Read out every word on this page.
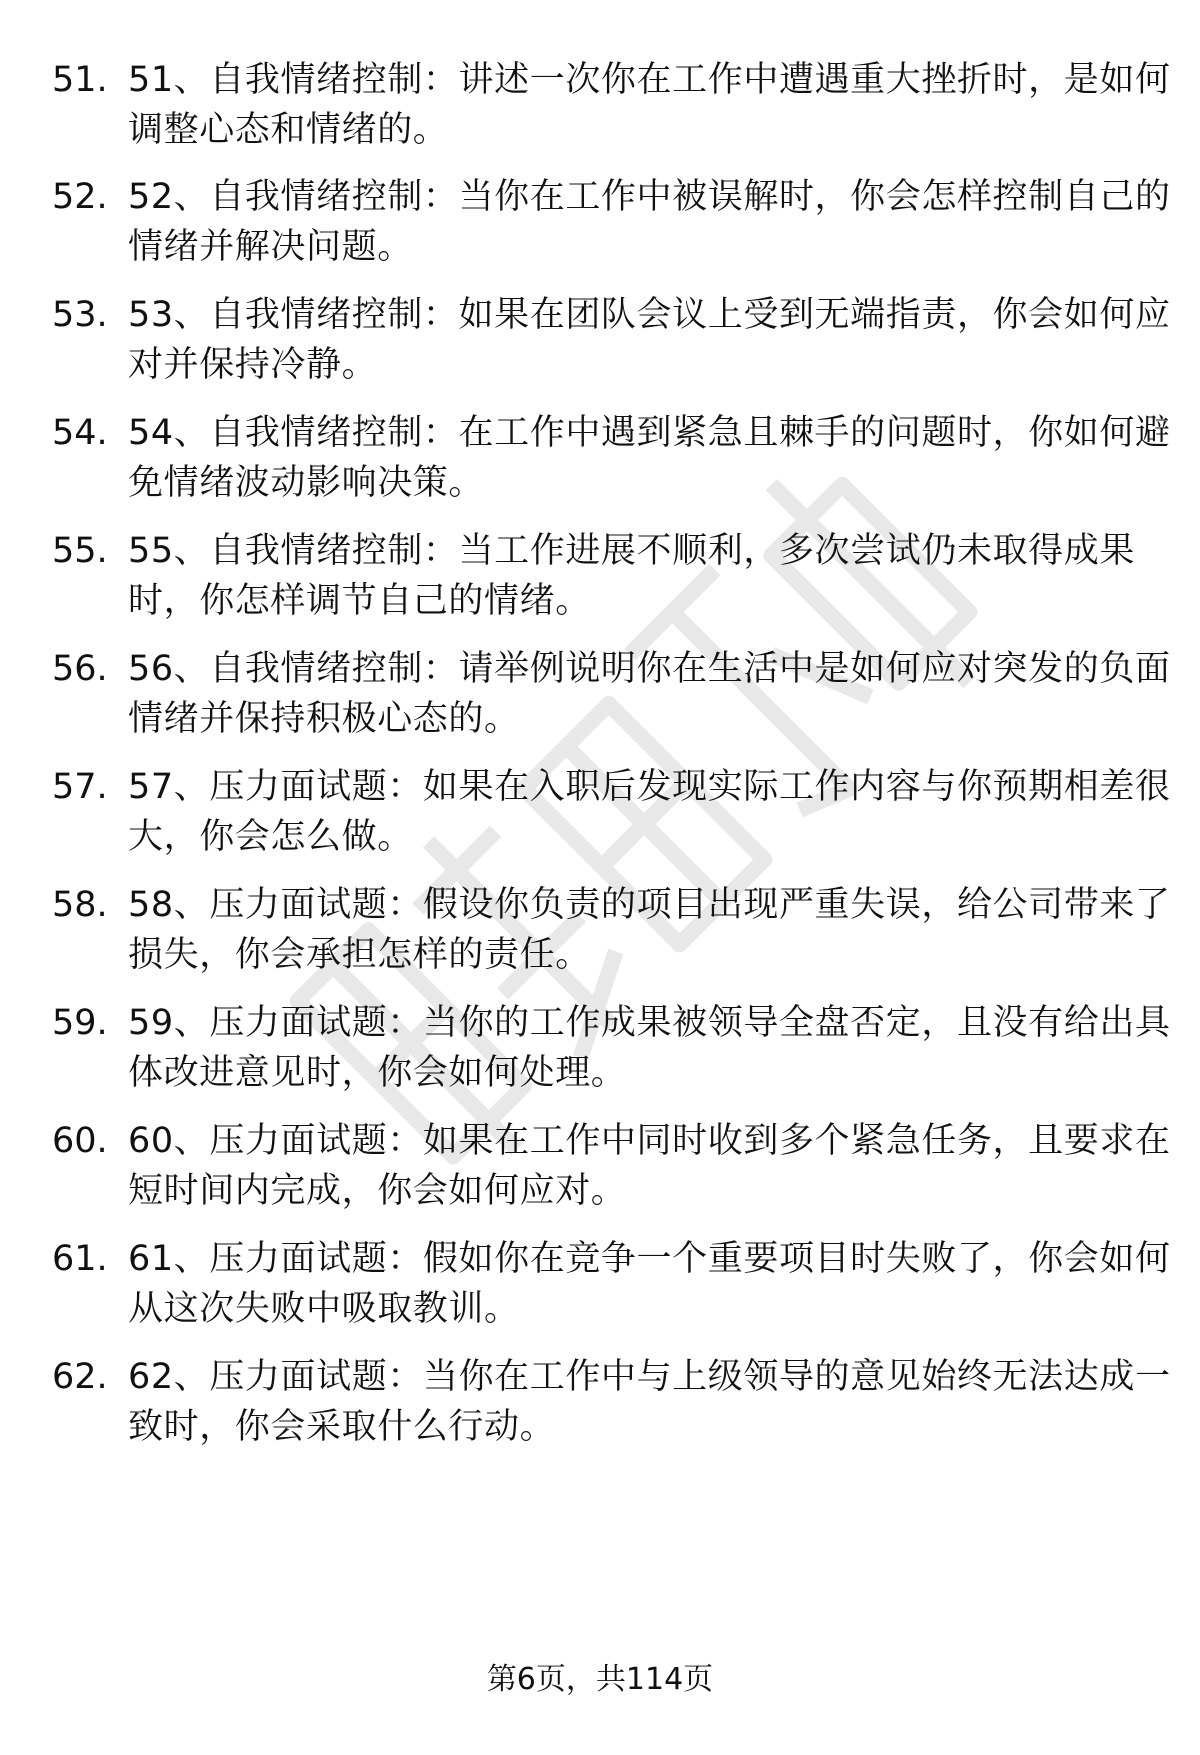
51. 51、自我情绪控制：讲述一次你在工作中遭遇重大挫折时，是如何调整心态和情绪的。
52. 52、自我情绪控制：当你在工作中被误解时，你会怎样控制自己的情绪并解决问题。
53. 53、自我情绪控制：如果在团队会议上受到无端指责，你会如何应对并保持冷静。
54. 54、自我情绪控制：在工作中遇到紧急且棘手的问题时，你如何避免情绪波动影响决策。
55. 55、自我情绪控制：当工作进展不顺利，多次尝试仍未取得成果时，你怎样调节自己的情绪。
56. 56、自我情绪控制：请举例说明你在生活中是如何应对突发的负面情绪并保持积极心态的。
57. 57、压力面试题：如果在入职后发现实际工作内容与你预期相差很大，你会怎么做。
58. 58、压力面试题：假设你负责的项目出现严重失误，给公司带来了损失，你会承担怎样的责任。
59. 59、压力面试题：当你的工作成果被领导全盘否定，且没有给出具体改进意见时，你会如何处理。
60. 60、压力面试题：如果在工作中同时收到多个紧急任务，且要求在短时间内完成，你会如何应对。
61. 61、压力面试题：假如你在竞争一个重要项目时失败了，你会如何从这次失败中吸取教训。
62. 62、压力面试题：当你在工作中与上级领导的意见始终无法达成一致时，你会采取什么行动。
第6页，共114页
